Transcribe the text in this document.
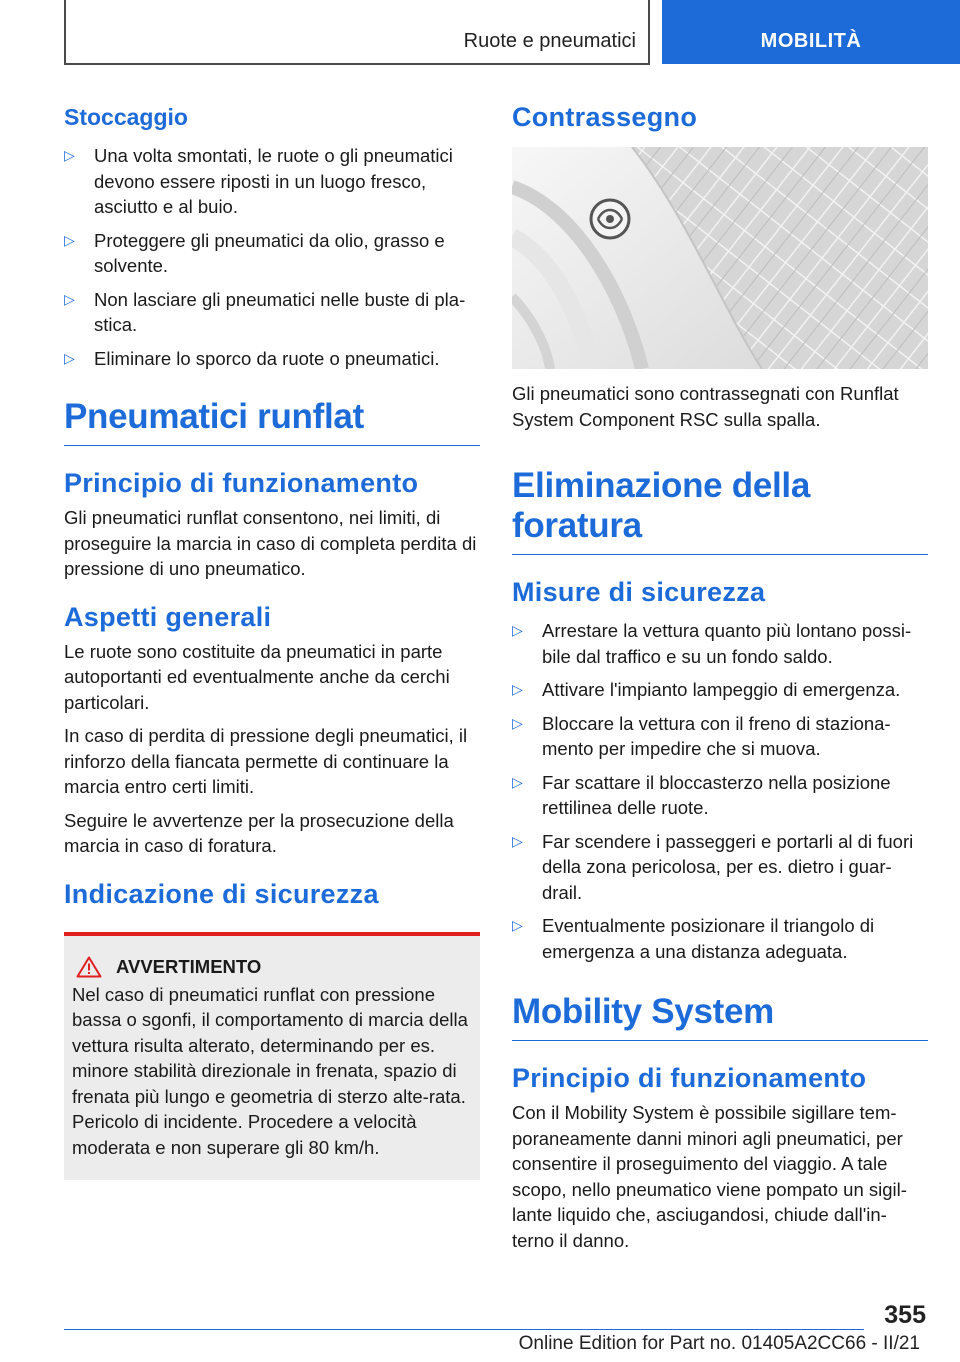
Ruote e pneumatici	MOBILITÀ
Stoccaggio
▷ Una volta smontati, le ruote o gli pneumatici devono essere riposti in un luogo fresco, asciutto e al buio.
▷ Proteggere gli pneumatici da olio, grasso e solvente.
▷ Non lasciare gli pneumatici nelle buste di pla-stica.
▷ Eliminare lo sporco da ruote o pneumatici.
Pneumatici runflat
Principio di funzionamento

Gli pneumatici runflat consentono, nei limiti, di proseguire la marcia in caso di completa perdita di pressione di uno pneumatico.

Aspetti generali

Le ruote sono costituite da pneumatici in parte autoportanti ed eventualmente anche da cerchi particolari.

In caso di perdita di pressione degli pneumatici, il rinforzo della fiancata permette di continuare la marcia entro certi limiti.

Seguire le avvertenze per la prosecuzione della marcia in caso di foratura.

Indicazione di sicurezza
AVVERTIMENTO

Nel caso di pneumatici runflat con pressione bassa o sgonfi, il comportamento di marcia della vettura risulta alterato, determinando per es. minore stabilità direzionale in frenata, spazio di frenata più lungo e geometria di sterzo alte-rata. Pericolo di incidente. Procedere a velocità moderata e non superare gli 80 km/h.

Contrassegno

Gli pneumatici sono contrassegnati con Runflat System Component RSC sulla spalla.

Eliminazione della foratura
Misure di sicurezza
▷ Arrestare la vettura quanto più lontano possi-bile dal traffico e su un fondo saldo.
▷ Attivare l'impianto lampeggio di emergenza.
▷ Bloccare la vettura con il freno di staziona-mento per impedire che si muova.
▷ Far scattare il bloccasterzo nella posizione rettilinea delle ruote.
▷ Far scendere i passeggeri e portarli al di fuori della zona pericolosa, per es. dietro i guar-drail.
▷ Eventualmente posizionare il triangolo di emergenza a una distanza adeguata.
Mobility System
Principio di funzionamento

Con il Mobility System è possibile sigillare tem-poraneamente danni minori agli pneumatici, per consentire il proseguimento del viaggio. A tale scopo, nello pneumatico viene pompato un sigil-lante liquido che, asciugandosi, chiude dall'in-terno il danno.

355
Online Edition for Part no. 01405A2CC66 - II/21
